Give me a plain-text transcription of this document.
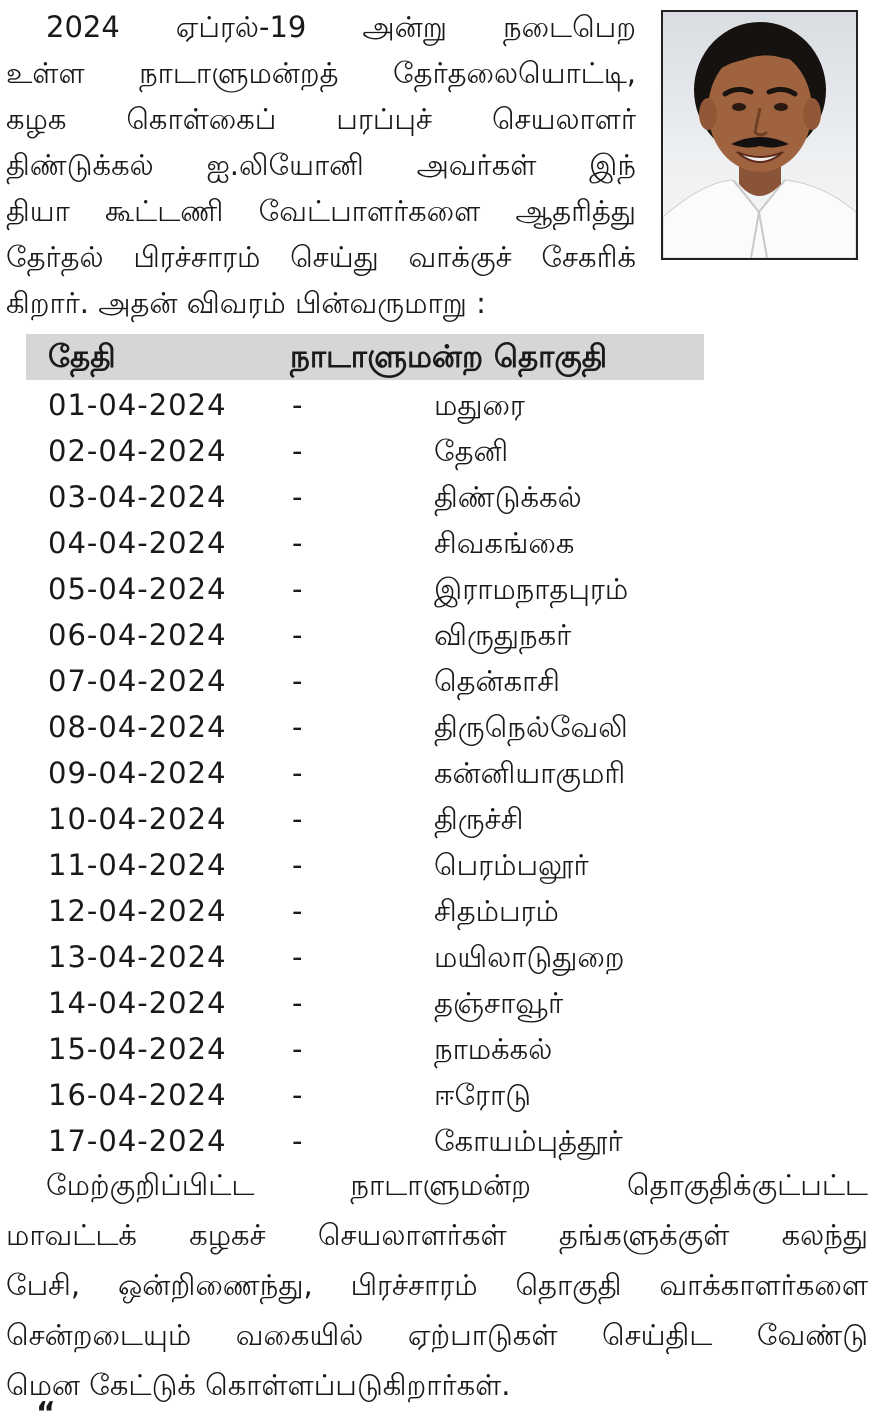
2024 ஏப்ரல்-19 அன்று நடைபெற
உள்ள நாடாளுமன்றத் தேர்தலையொட்டி,
கழக கொள்கைப் பரப்புச் செயலாளர்
திண்டுக்கல் ஐ.லியோனி அவர்கள் இந்
தியா கூட்டணி வேட்பாளர்களை ஆதரித்து
தேர்தல் பிரச்சாரம் செய்து வாக்குச் சேகரிக்
கிறார். அதன் விவரம் பின்வருமாறு :
தேதி	நாடாளுமன்ற தொகுதி
01-04-2024 -	மதுரை
02-04-2024 -	தேனி
03-04-2024 -	திண்டுக்கல்
04-04-2024 -	சிவகங்கை
05-04-2024 -	இராமநாதபுரம்
06-04-2024 -	விருதுநகர்
07-04-2024 -	தென்காசி
08-04-2024 -	திருநெல்வேலி
09-04-2024 -	கன்னியாகுமரி
10-04-2024 -	திருச்சி
11-04-2024 -	பெரம்பலூர்
12-04-2024 -	சிதம்பரம்
13-04-2024 -	மயிலாடுதுறை
14-04-2024 -	தஞ்சாவூர்
15-04-2024 -	நாமக்கல்
16-04-2024 -	ஈரோடு
17-04-2024 -	கோயம்புத்தூர்
மேற்குறிப்பிட்ட நாடாளுமன்ற தொகுதிக்குட்பட்ட
மாவட்டக் கழகச் செயலாளர்கள் தங்களுக்குள் கலந்து
பேசி, ஒன்றிணைந்து, பிரச்சாரம் தொகுதி வாக்காளர்களை
சென்றடையும் வகையில் ஏற்பாடுகள் செய்திட வேண்டு
மென கேட்டுக் கொள்ளப்படுகிறார்கள்.
“
